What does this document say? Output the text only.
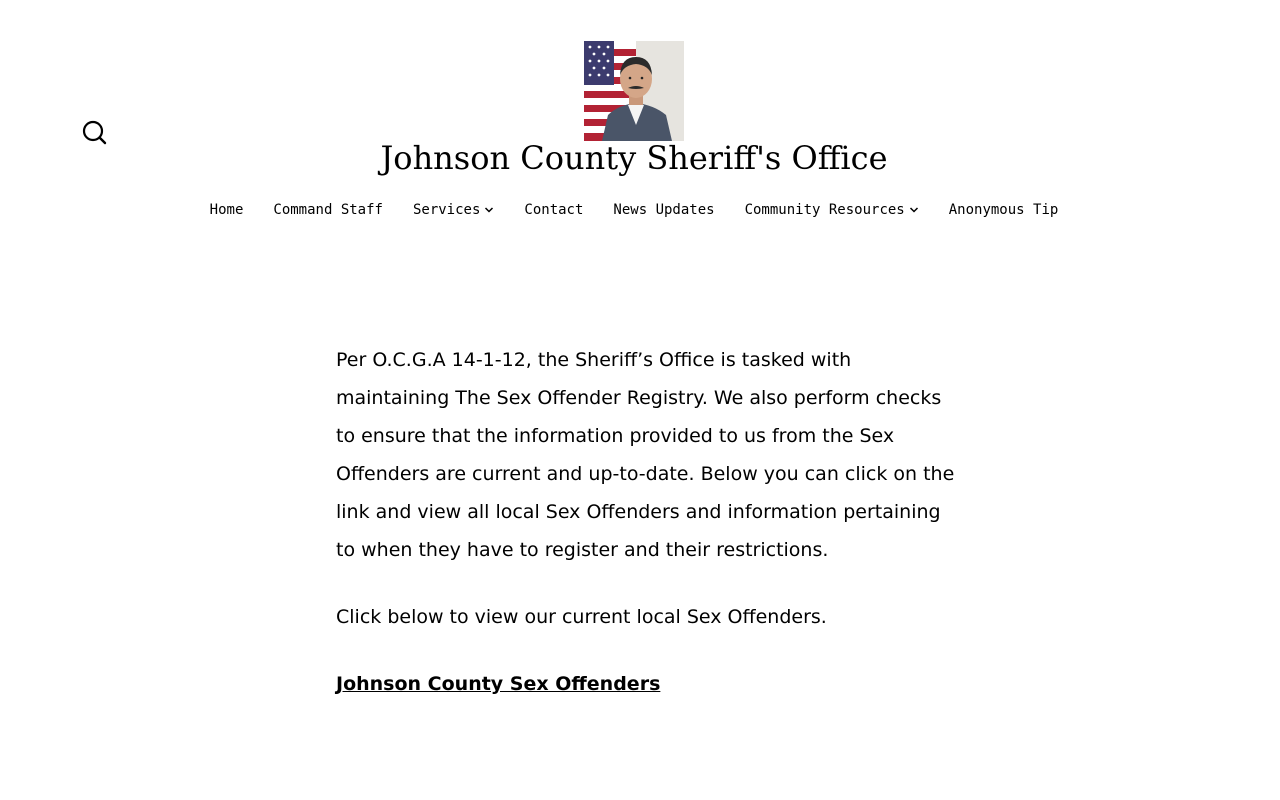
Johnson County Sheriff's Office
Home Command Staff Services	Contact News Updates Community Resources	Anonymous Tip

Per O.C.G.A 14-1-12, the Sheriff’s Office is tasked with maintaining The Sex Offender Registry. We also perform checks to ensure that the information provided to us from the Sex Offenders are current and up-to-date. Below you can click on the link and view all local Sex Offenders and information pertaining to when they have to register and their restrictions.

Click below to view our current local Sex Offenders.

Johnson County Sex Offenders
